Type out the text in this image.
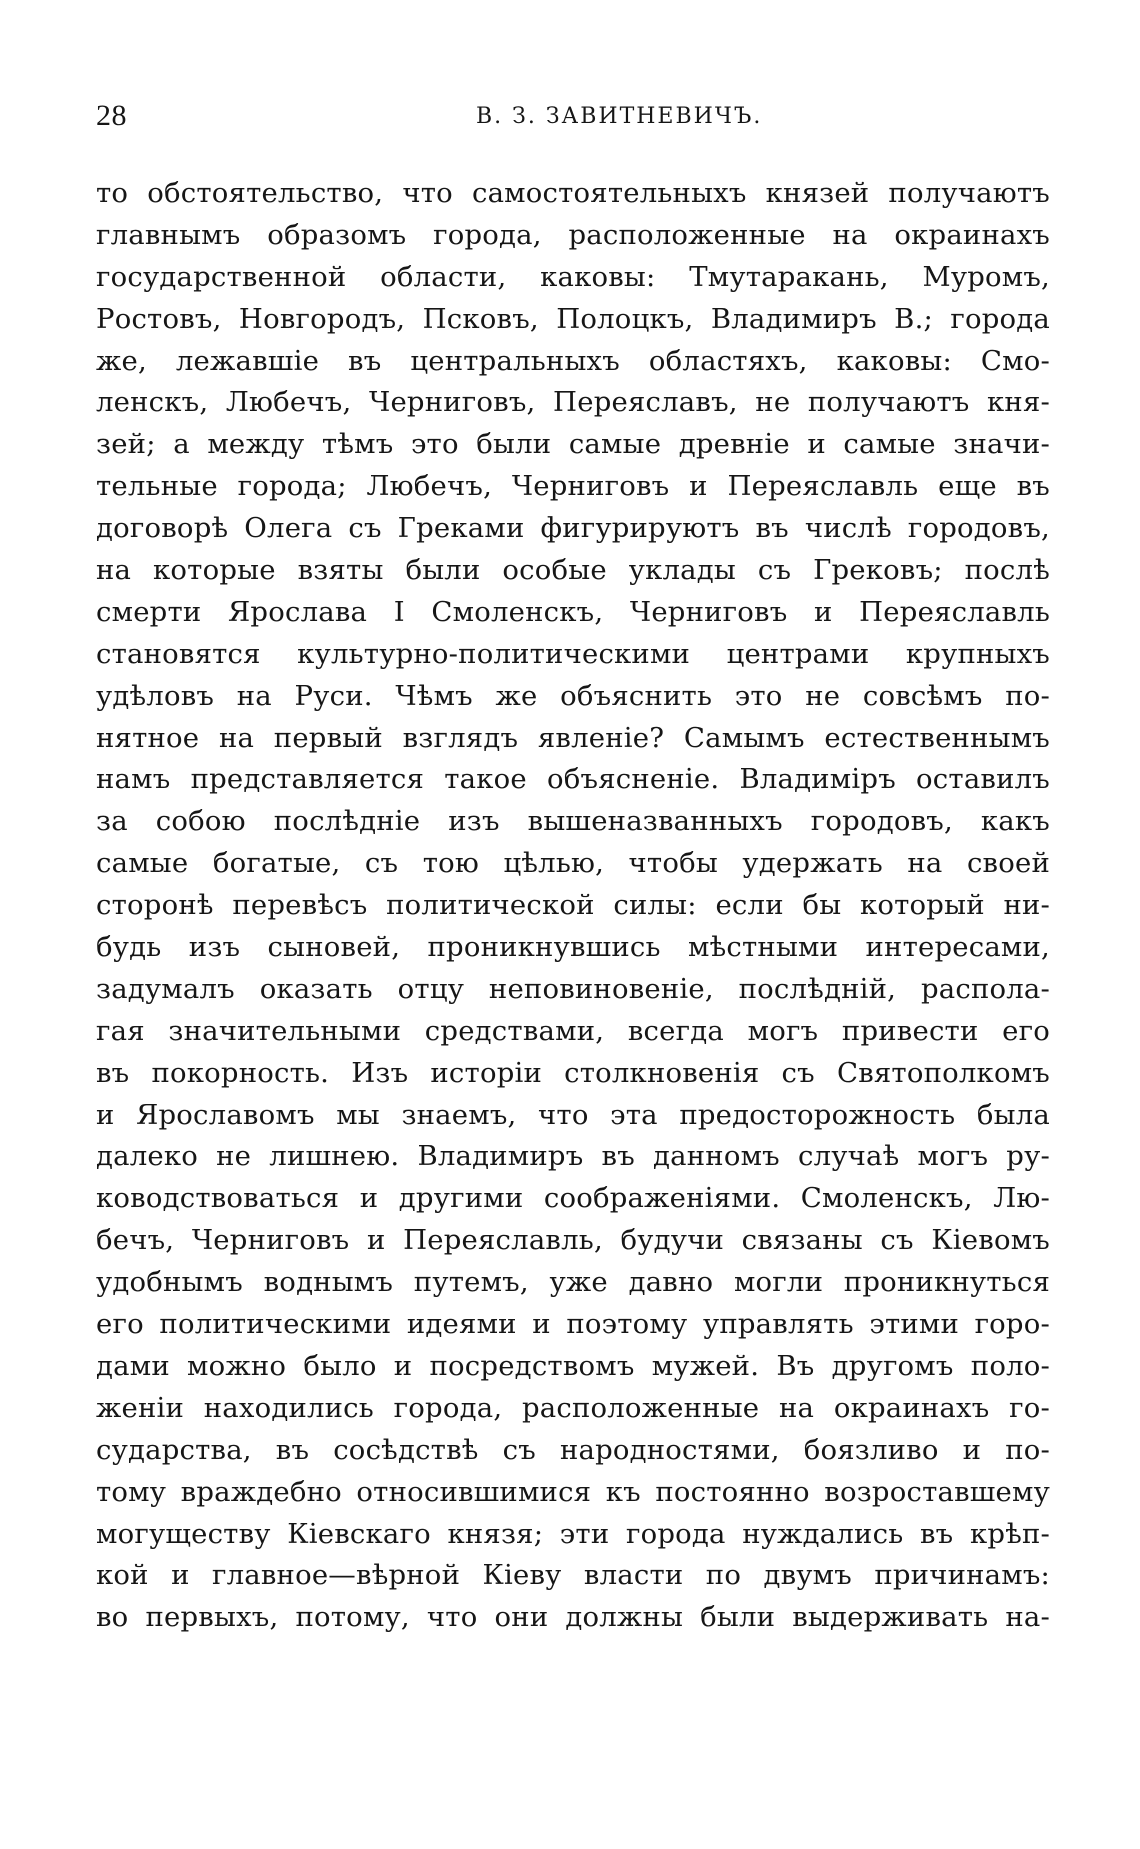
28	В. З. ЗАВИТНЕВИЧЪ.
то обстоятельство, что самостоятельныхъ князей получаютъ
главнымъ образомъ города, расположенные на окраинахъ
государственной области, каковы: Тмутаракань, Муромъ,
Ростовъ, Новгородъ, Псковъ, Полоцкъ, Владимиръ В.; города
же, лежавшіе въ центральныхъ областяхъ, каковы: Смо-
ленскъ, Любечъ, Черниговъ, Переяславъ, не получаютъ кня-
зей; а между тѣмъ это были самые древніе и самые значи-
тельные города; Любечъ, Черниговъ и Переяславль еще въ
договорѣ Олега съ Греками фигурируютъ въ числѣ городовъ,
на которые взяты были особые уклады съ Грековъ; послѣ
смерти Ярослава I Смоленскъ, Черниговъ и Переяславль
становятся культурно-политическими центрами крупныхъ
удѣловъ на Руси. Чѣмъ же объяснить это не совсѣмъ по-
нятное на первый взглядъ явленіе? Самымъ естественнымъ
намъ представляется такое объясненіе. Владиміръ оставилъ
за собою послѣдніе изъ вышеназванныхъ городовъ, какъ
самые богатые, съ тою цѣлью, чтобы удержать на своей
сторонѣ перевѣсъ политической силы: если бы который ни-
будь изъ сыновей, проникнувшись мѣстными интересами,
задумалъ оказать отцу неповиновеніе, послѣдній, распола-
гая значительными средствами, всегда могъ привести его
въ покорность. Изъ исторіи столкновенія съ Святополкомъ
и Ярославомъ мы знаемъ, что эта предосторожность была
далеко не лишнею. Владимиръ въ данномъ случаѣ могъ ру-
ководствоваться и другими соображеніями. Смоленскъ, Лю-
бечъ, Черниговъ и Переяславль, будучи связаны съ Кіевомъ
удобнымъ воднымъ путемъ, уже давно могли проникнуться
его политическими идеями и поэтому управлять этими горо-
дами можно было и посредствомъ мужей. Въ другомъ поло-
женіи находились города, расположенные на окраинахъ го-
сударства, въ сосѣдствѣ съ народностями, боязливо и по-
тому враждебно относившимися къ постоянно возроставшему
могуществу Кіевскаго князя; эти города нуждались въ крѣп-
кой и главное—вѣрной Кіеву власти по двумъ причинамъ:
во первыхъ, потому, что они должны были выдерживать на-
